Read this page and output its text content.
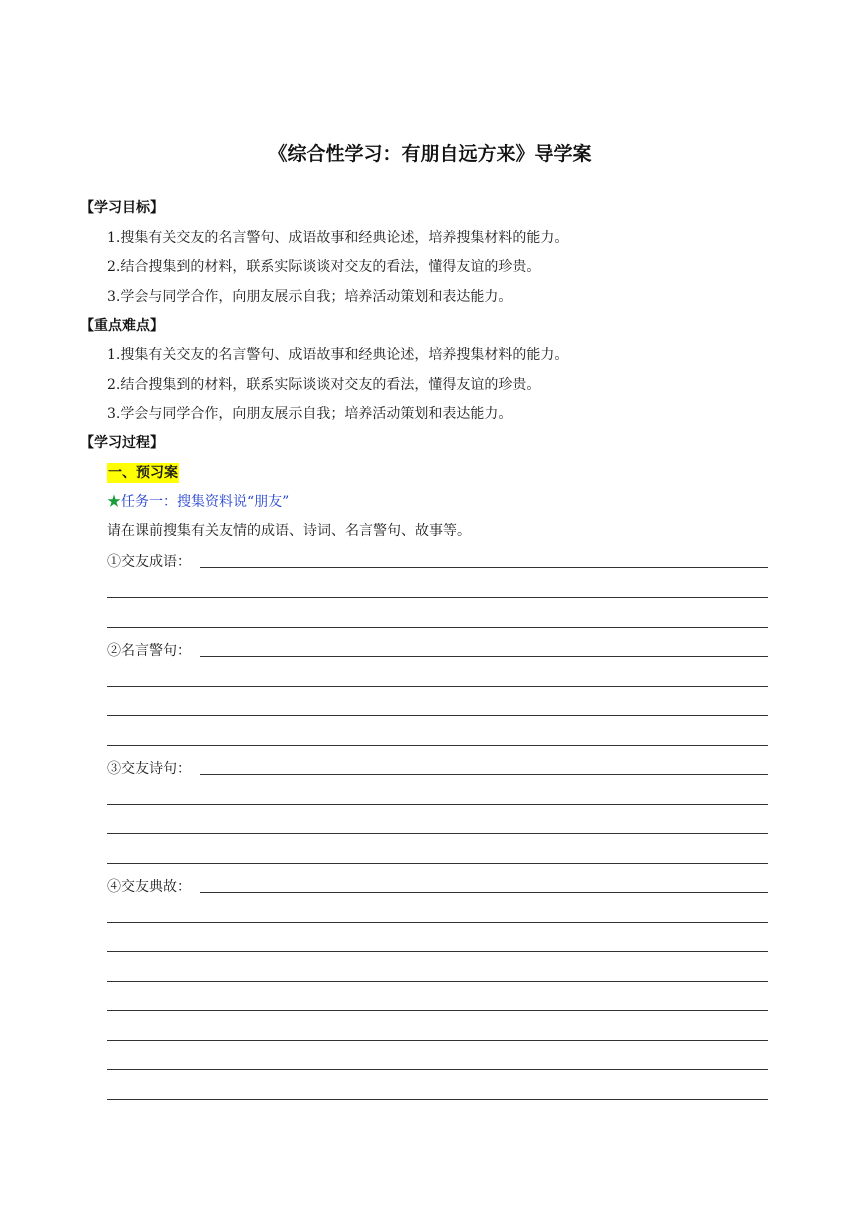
《综合性学习：有朋自远方来》导学案
【学习目标】
1.搜集有关交友的名言警句、成语故事和经典论述，培养搜集材料的能力。
2.结合搜集到的材料，联系实际谈谈对交友的看法，懂得友谊的珍贵。
3.学会与同学合作，向朋友展示自我；培养活动策划和表达能力。
【重点难点】
1.搜集有关交友的名言警句、成语故事和经典论述，培养搜集材料的能力。
2.结合搜集到的材料，联系实际谈谈对交友的看法，懂得友谊的珍贵。
3.学会与同学合作，向朋友展示自我；培养活动策划和表达能力。
【学习过程】
一、预习案
★任务一：搜集资料说“朋友”
请在课前搜集有关友情的成语、诗词、名言警句、故事等。
①交友成语：
②名言警句：
③交友诗句：
④交友典故：
